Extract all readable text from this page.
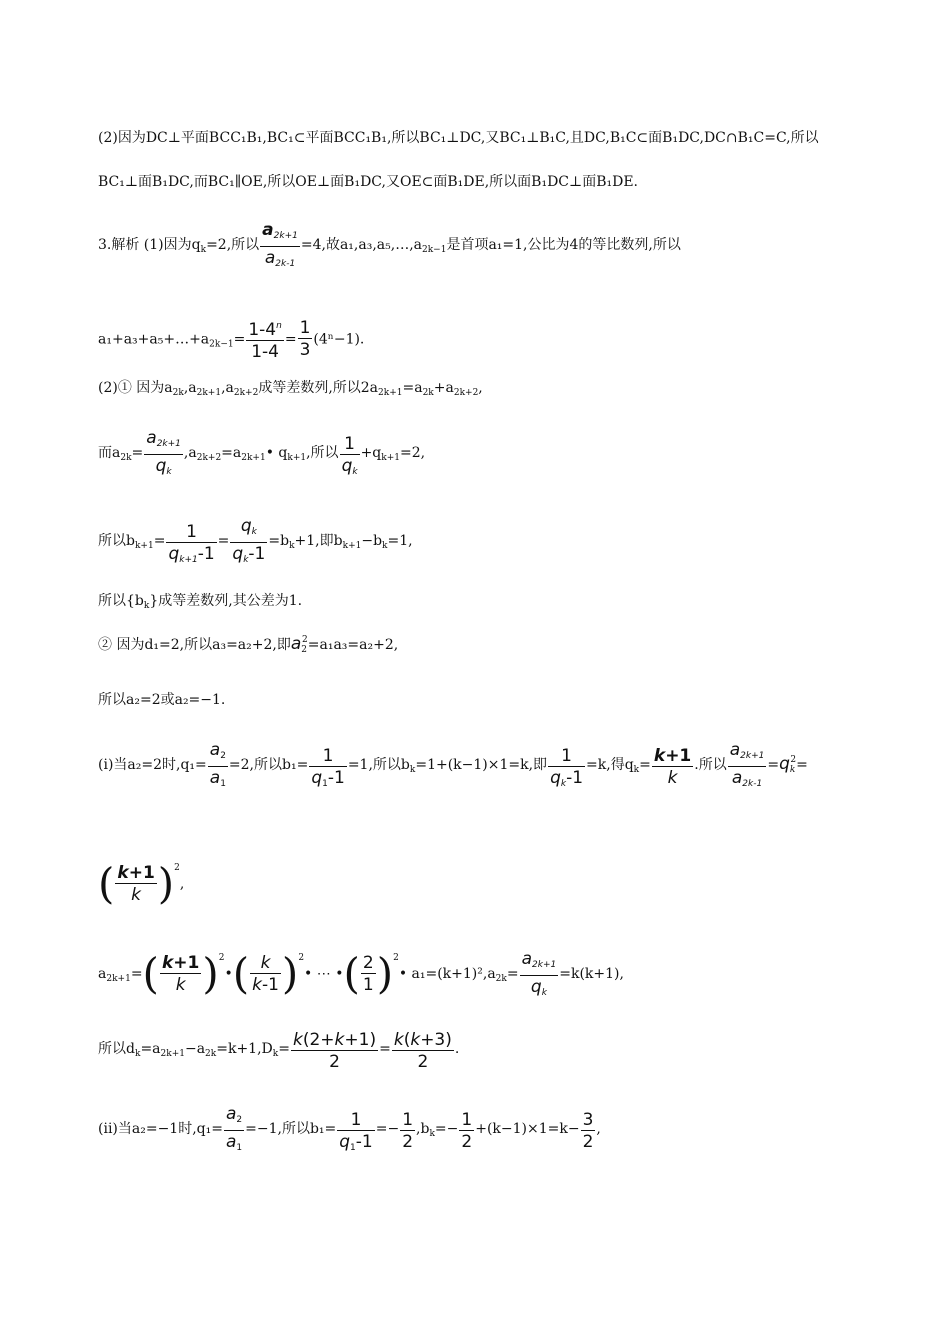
(2)因为DC⊥平面BCC₁B₁,BC₁⊂平面BCC₁B₁,所以BC₁⊥DC,又BC₁⊥B₁C,且DC,B₁C⊂面B₁DC,DC∩B₁C=C,所以
BC₁⊥面B₁DC,而BC₁∥OE,所以OE⊥面B₁DC,又OE⊂面B₁DE,所以面B₁DC⊥面B₁DE.
3.解析 (1)因为$q_k=2$,所以 $\frac{a_{2k+1}}{a_{2k-1}} =4$,故$a_1,a_3,a_5,\dots,a_{2k-1}$是首项a₁=1,公比为4的等比数列,所以
$a_1+a_3+a_5+\dots+a_{2k-1}= \frac{1-4^n}{1-4} = \frac{1}{3} (4^n-1)$.
(2)① 因为$a_{2k},a_{2k+1},a_{2k+2}$成等差数列,所以$2a_{2k+1}=a_{2k}+a_{2k+2}$,
而$a_{2k}= \frac{a_{2k+1}}{q_k}$ $,a_{2k+2}=a_{2k+1}•$ $q_{k+1}$,所以 $\frac{1}{q_k} +q_{k+1}=2$,
所以$b_{k+1}= \frac{1}{q_{k+1}-1} = \frac{q_k}{q_k-1} =b_k+1$,即$b_{k+1}-b_k=1$,
所以$\{b_k\}$成等差数列,其公差为1.
② 因为d₁=2,所以a₃=a₂+2,即$a_2^2=a_1a_3=a_2+2$,
所以a₂=2或a₂=−1.
(i)当a₂=2时$,q_1= \frac{a_2}{a_1} =2$,所以$b_1= \frac{1}{q_1-1} =1$,所以$b_k=1+(k-1)\times 1=k$,即 $\frac{1}{q_k-1} =k$,得$q_k= \frac{k+1}{k}$ .所以 $\frac{a_{2k+1}}{a_{2k-1}} =q_k^2=$
( $\frac{k+1}{k} )^2$,
$a_{2k+1}=( \frac{k+1}{k}$ )$^2•( \frac{k}{k-1}$ )$^2$• ⋯ •( $\frac{2}{1}$ )$^2$• $a_1=(k+1)^2,a_{2k}= \frac{a_{2k+1}}{q_k} =k(k+1)$,
所以$d_k=a_{2k+1}-a_{2k}=k+1,D_k= \frac{k(2+k+1)}{2} = \frac{k(k+3)}{2}$ .
(ii)当a₂=−1时$,q_1= \frac{a_2}{a_1} =-1$,所以$b_1= \frac{1}{q_1-1} =- \frac{1}{2} ,b_k=- \frac{1}{2} +(k-1)\times 1=k- \frac{3}{2}$ ,
